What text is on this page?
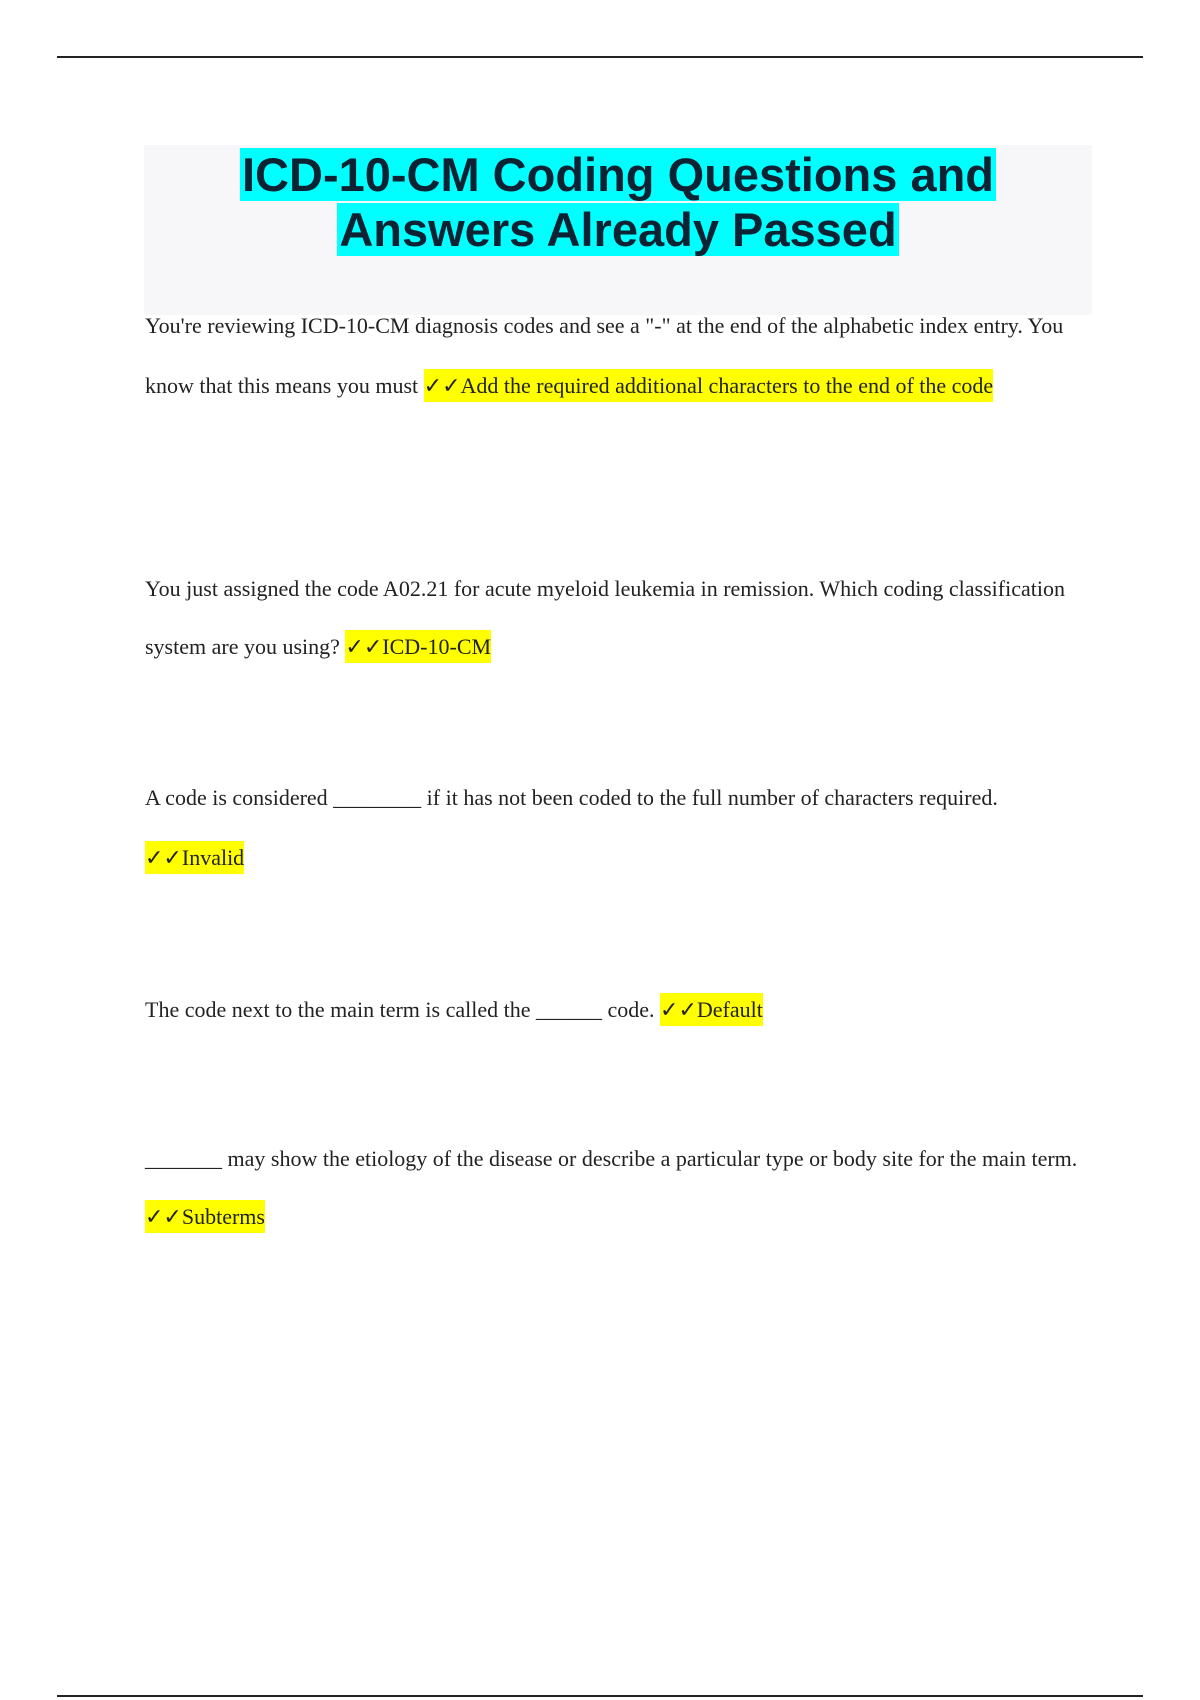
ICD-10-CM Coding Questions and
Answers Already Passed

You're reviewing ICD-10-CM diagnosis codes and see a "-" at the end of the alphabetic index entry. You know that this means you must ✓✓Add the required additional characters to the end of the code

You just assigned the code A02.21 for acute myeloid leukemia in remission. Which coding classification system are you using? ✓✓ICD-10-CM

A code is considered ________ if it has not been coded to the full number of characters required. ✓✓Invalid

The code next to the main term is called the ______ code. ✓✓Default

_______ may show the etiology of the disease or describe a particular type or body site for the main term. ✓✓Subterms
